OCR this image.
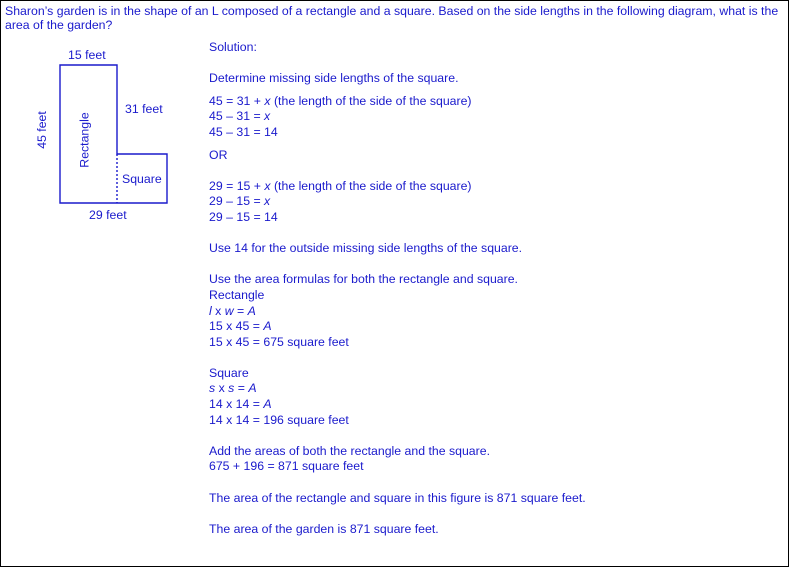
Sharon’s garden is in the shape of an L composed of a rectangle and a square. Based on the side lengths in the following diagram, what is the area of the garden?
15 feet
45 feet
31 feet
Rectangle
Square
29 feet
Solution:
Determine missing side lengths of the square.
45 = 31 + x (the length of the side of the square)
45 – 31 = x
45 – 31 = 14
OR
29 = 15 + x (the length of the side of the square)
29 – 15 = x
29 – 15 = 14
Use 14 for the outside missing side lengths of the square.
Use the area formulas for both the rectangle and square.
Rectangle
l x w = A
15 x 45 = A
15 x 45 = 675 square feet
Square
s x s = A
14 x 14 = A
14 x 14 = 196 square feet
Add the areas of both the rectangle and the square.
675 + 196 = 871 square feet
The area of the rectangle and square in this figure is 871 square feet.
The area of the garden is 871 square feet.
